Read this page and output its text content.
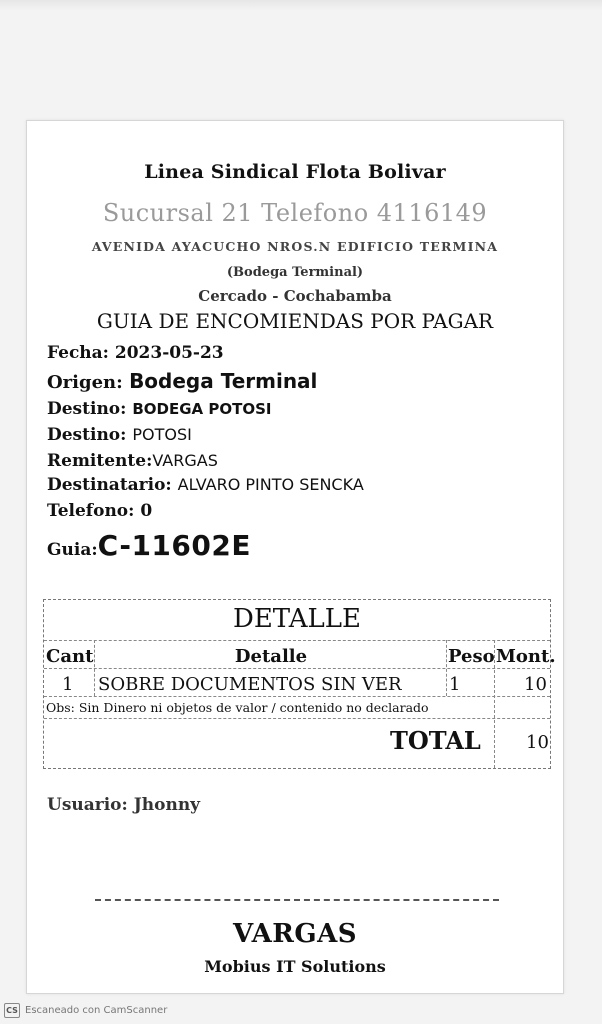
Linea Sindical Flota Bolivar
Sucursal 21 Telefono 4116149
AVENIDA AYACUCHO NROS.N EDIFICIO TERMINA
(Bodega Terminal)
Cercado - Cochabamba
GUIA DE ENCOMIENDAS POR PAGAR
Fecha: 2023-05-23
Origen: Bodega Terminal
Destino: BODEGA POTOSI
Destino: POTOSI
Remitente:VARGAS
Destinatario: ALVARO PINTO SENCKA
Telefono: 0
Guia:C-11602E
DETALLE
Cant	Detalle	Peso Mont.
1 SOBRE DOCUMENTOS SIN VER	1	10
Obs: Sin Dinero ni objetos de valor / contenido no declarado
TOTAL	10
Usuario: Jhonny
VARGAS
Mobius IT Solutions
CS Escaneado con CamScanner
